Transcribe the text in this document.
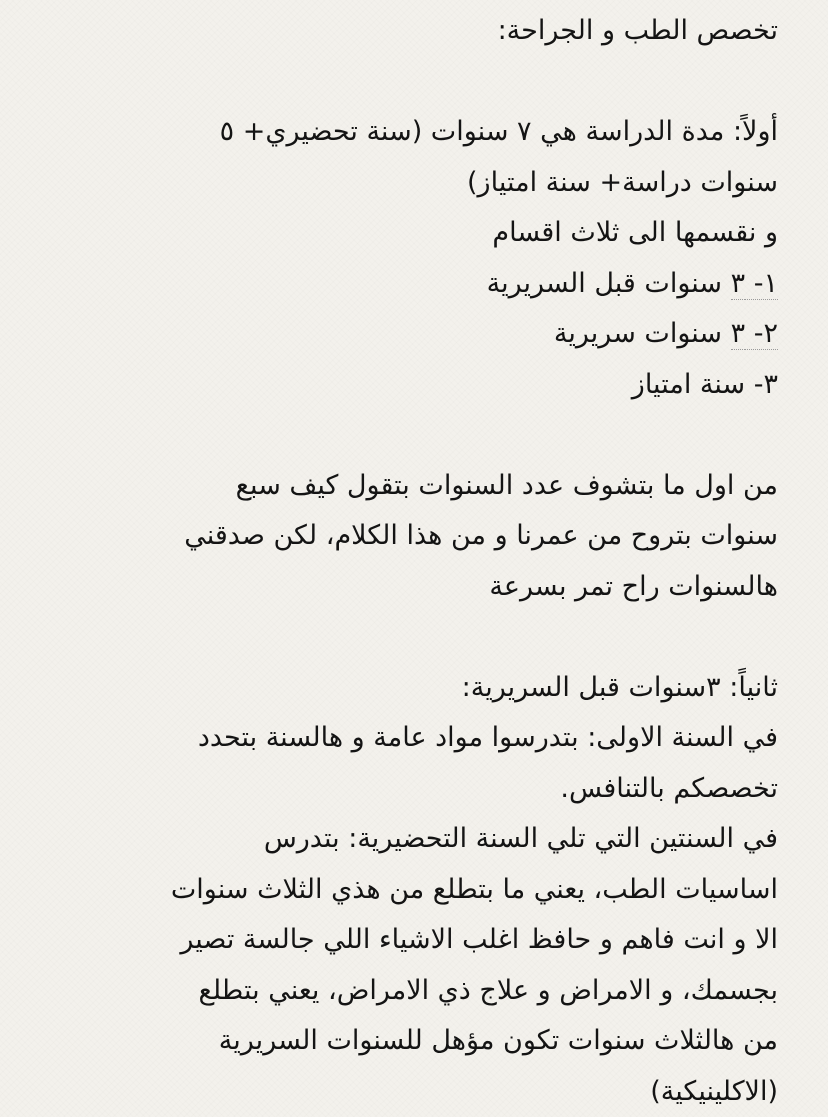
تخصص الطب و الجراحة:
أولاً: مدة الدراسة هي ٧ سنوات (سنة تحضيري+ ٥
سنوات دراسة+ سنة امتياز)
و نقسمها الى ثلاث اقسام
١- ٣ سنوات قبل السريرية
٢- ٣ سنوات سريرية
٣- سنة امتياز
من اول ما بتشوف عدد السنوات بتقول كيف سبع
سنوات بتروح من عمرنا و من هذا الكلام، لكن صدقني
هالسنوات راح تمر بسرعة
ثانياً: ٣سنوات قبل السريرية:
في السنة الاولى: بتدرسوا مواد عامة و هالسنة بتحدد
تخصصكم بالتنافس.
في السنتين التي تلي السنة التحضيرية: بتدرس
اساسيات الطب، يعني ما بتطلع من هذي الثلاث سنوات
الا و انت فاهم و حافظ اغلب الاشياء اللي جالسة تصير
بجسمك، و الامراض و علاج ذي الامراض، يعني بتطلع
من هالثلاث سنوات تكون مؤهل للسنوات السريرية
(الاكلينيكية)
